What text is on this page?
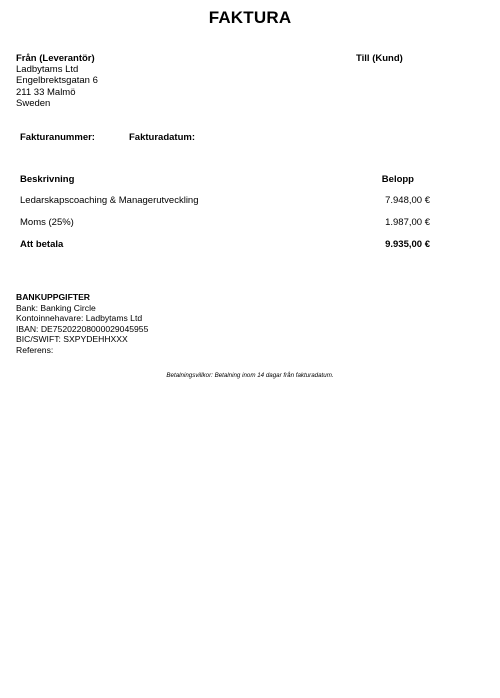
FAKTURA
Från (Leverantör)
Ladbytams Ltd
Engelbrektsgatan 6
211 33 Malmö
Sweden
Till (Kund)
Fakturanummer:	Fakturadatum:
Beskrivning	Belopp
Ledarskapscoaching & Managerutveckling	7.948,00 €
Moms (25%)	1.987,00 €
Att betala	9.935,00 €
BANKUPPGIFTER
Bank: Banking Circle
Kontoinnehavare: Ladbytams Ltd
IBAN: DE75202208000029045955
BIC/SWIFT: SXPYDEHHXXX
Referens:
Betalningsvillkor: Betalning inom 14 dagar från fakturadatum.
